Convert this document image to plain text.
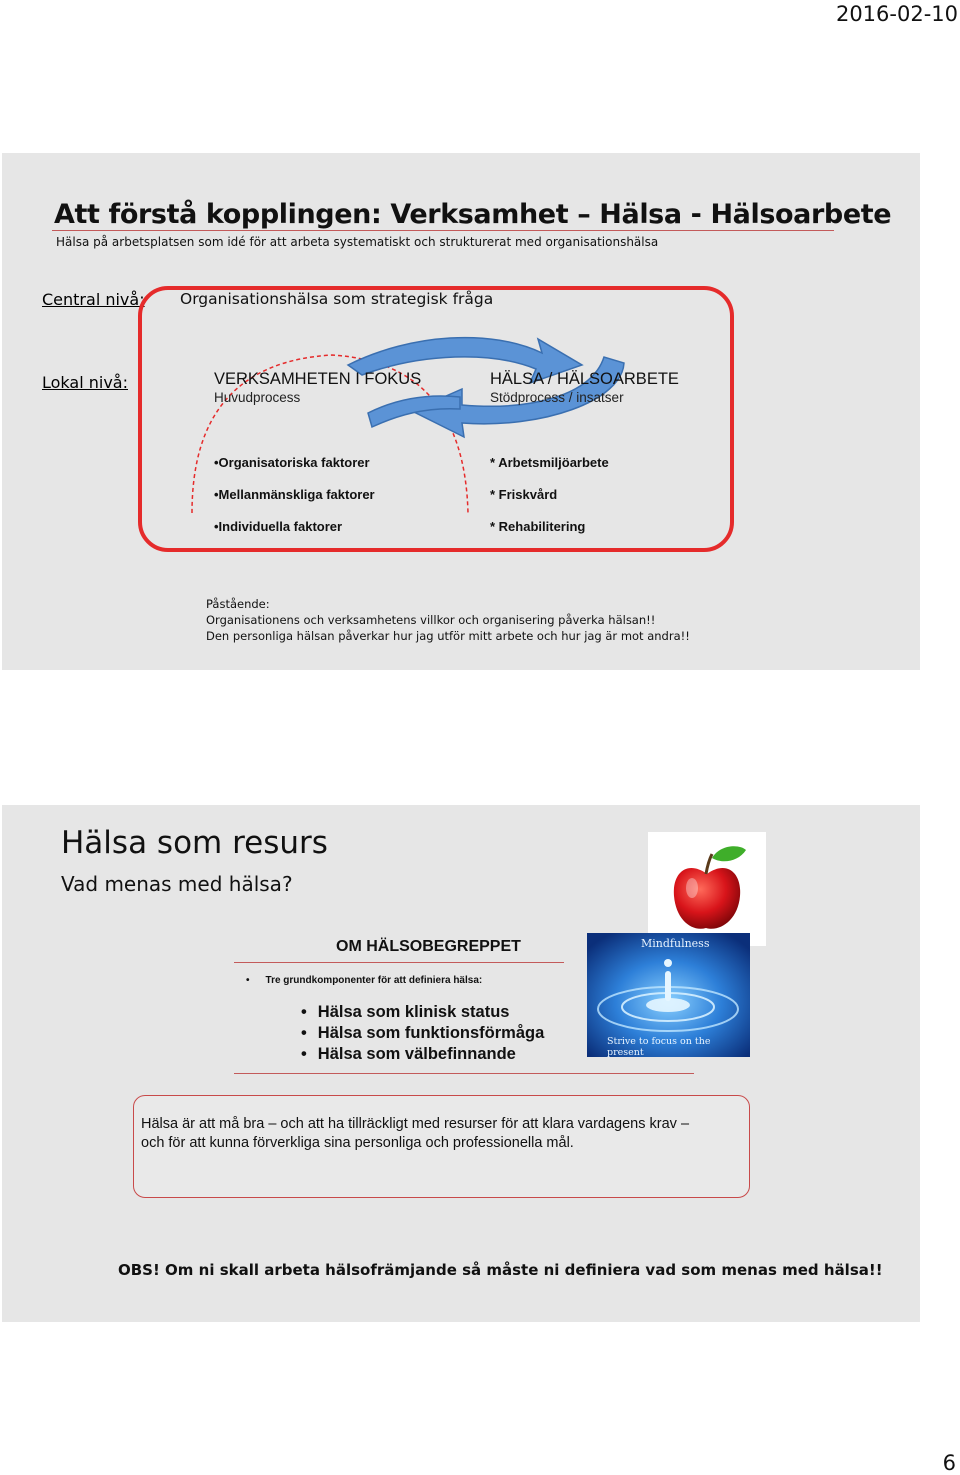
2016-02-10
Att förstå kopplingen: Verksamhet – Hälsa - Hälsoarbete
Hälsa på arbetsplatsen som idé för att arbeta systematiskt och strukturerat med organisationshälsa
Central nivå: Organisationshälsa som strategisk fråga
Lokal nivå:	VERKSAMHETEN I FOKUS
Huvudprocess
HÄLSA / HÄLSOARBETE
Stödprocess / insatser
•Organisatoriska faktorer
•Mellanmänskliga faktorer
•Individuella faktorer
* Arbetsmiljöarbete
* Friskvård
* Rehabilitering
Påstående:
Organisationens och verksamhetens villkor och organisering påverka hälsan!!
Den personliga hälsan påverkar hur jag utför mitt arbete och hur jag är mot andra!!
Hälsa som resurs
Vad menas med hälsa?
OM HÄLSOBEGREPPET
• Tre grundkomponenter för att definiera hälsa:
• Hälsa som klinisk status
• Hälsa som funktionsförmåga
• Hälsa som välbefinnande
Mindfulness
Strive to focus on the present
Hälsa är att må bra – och att ha tillräckligt med resurser för att klara vardagens krav –
och för att kunna förverkliga sina personliga och professionella mål.
OBS! Om ni skall arbeta hälsofrämjande så måste ni definiera vad som menas med hälsa!!
6
